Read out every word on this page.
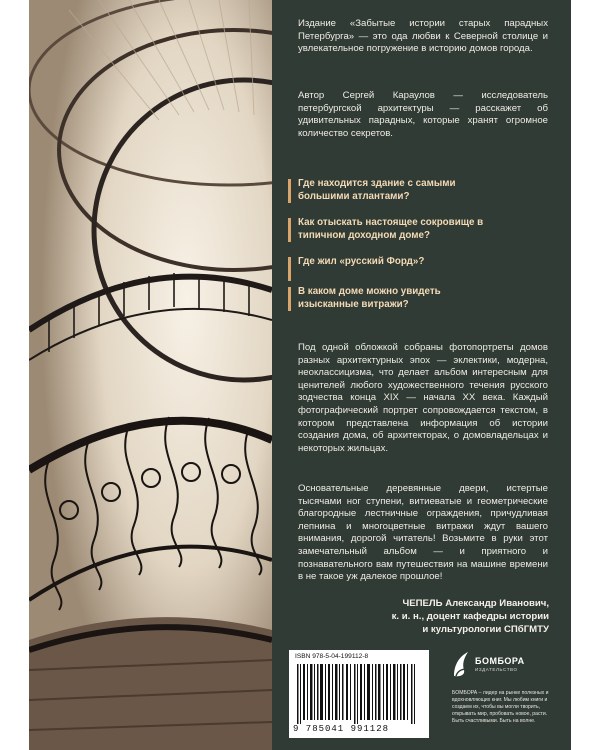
Издание «Забытые истории старых парадных Петербурга» — это ода любви к Северной столице и увлекательное погружение в историю домов города.
Автор Сергей Караулов — исследователь петербургской архитектуры — расскажет об удивительных парадных, которые хранят огромное количество секретов.
Где находится здание с самыми большими атлантами?
Как отыскать настоящее сокровище в типичном доходном доме?
Где жил «русский Форд»?
В каком доме можно увидеть изысканные витражи?
Под одной обложкой собраны фотопортреты домов разных архитектурных эпох — эклектики, модерна, неоклассицизма, что делает альбом интересным для ценителей любого художественного течения русского зодчества конца XIX — начала XX века. Каждый фотографический портрет сопровождается текстом, в котором представлена информация об истории создания дома, об архитекторах, о домовладельцах и некоторых жильцах.
Основательные деревянные двери, истертые тысячами ног ступени, витиеватые и геометрические благородные лестничные ограждения, причудливая лепнина и многоцветные витражи ждут вашего внимания, дорогой читатель! Возьмите в руки этот замечательный альбом — и приятного и познавательного вам путешествия на машине времени в не такое уж далекое прошлое!
ЧЕПЕЛЬ Александр Иванович,
к. и. н., доцент кафедры истории
и культурологии СПбГМТУ
ISBN 978-5-04-199112-8
9 785041 991128
БОМБОРА
ИЗДАТЕЛЬСТВО
БОМБОРА – лидер на рынке полезных и вдохновляющих книг. Мы любим книги и создаем их, чтобы вы могли творить, открывать мир, пробовать новое, расти. Быть счастливыми. Быть на волне.
